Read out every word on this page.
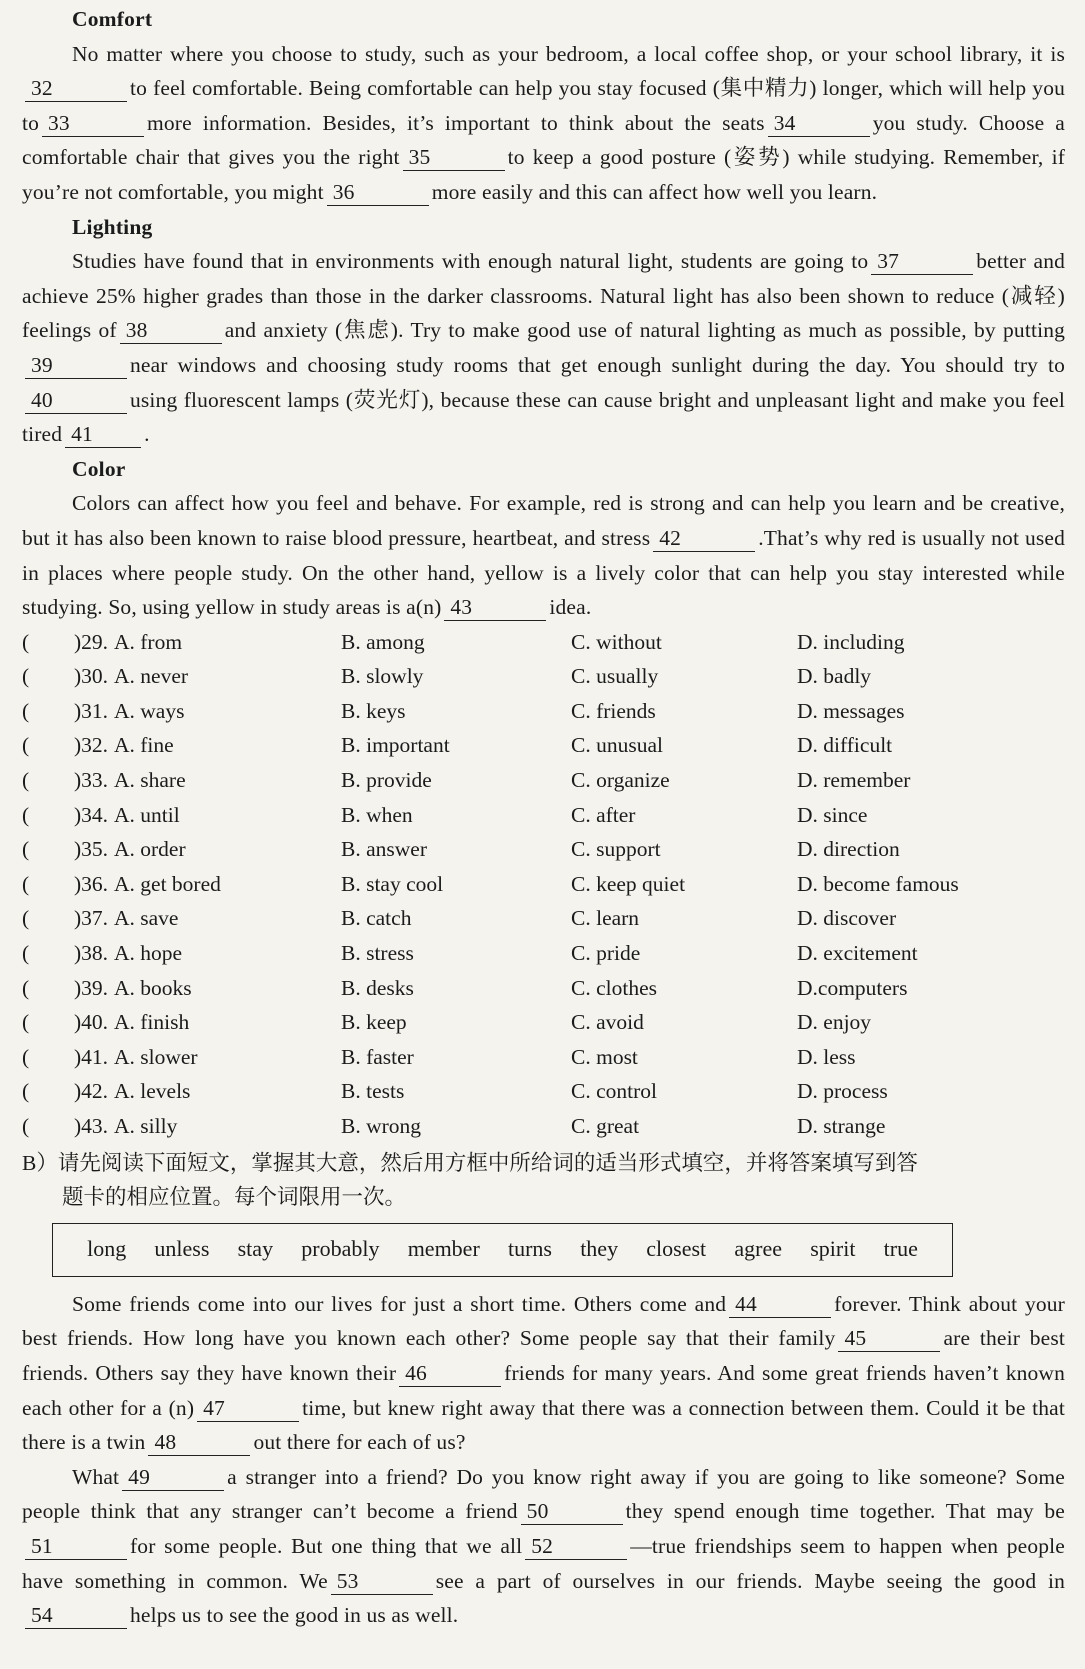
Comfort

No matter where you choose to study, such as your bedroom, a local coffee shop, or your school library, it is32	to feel comfortable. Being comfortable can help you stay focused (集中精力) longer, which will help you to 33	more information. Besides, it’s important to think about the seats 34	you study. Choose a comfortable chair that gives you the right 35	to keep a good posture (姿势) while studying. Remember, if you’re not comfortable, you might 36	more easily and this can affect how well you learn.

Lighting

Studies have found that in environments with enough natural light, students are going to 37	better and achieve 25% higher grades than those in the darker classrooms. Natural light has also been shown to reduce (减轻) feelings of 38	and anxiety (焦虑). Try to make good use of natural lighting as much as possible, by putting39	near windows and choosing study rooms that get enough sunlight during the day. You should try to40	using fluorescent lamps (荧光灯), because these can cause bright and unpleasant light and make you feel tired 41 .

Color

Colors can affect how you feel and behave. For example, red is strong and can help you learn and be creative, but it has also been known to raise blood pressure, heartbeat, and stress 42	.That’s why red is usually not used in places where people study. On the other hand, yellow is a lively color that can help you stay interested while studying. So, using yellow in study areas is a(n) 43	idea.

(	)29. A. from	B. among	C. without	D. including
(	)30. A. never	B. slowly	C. usually	D. badly
(	)31. A. ways	B. keys	C. friends	D. messages
(	)32. A. fine	B. important	C. unusual	D. difficult
(	)33. A. share	B. provide	C. organize	D. remember
(	)34. A. until	B. when	C. after	D. since
(	)35. A. order	B. answer	C. support	D. direction
(	)36. A. get bored	B. stay cool	C. keep quiet	D. become famous
(	)37. A. save	B. catch	C. learn	D. discover
(	)38. A. hope	B. stress	C. pride	D. excitement
(	)39. A. books	B. desks	C. clothes	D.computers
(	)40. A. finish	B. keep	C. avoid	D. enjoy
(	)41. A. slower	B. faster	C. most	D. less
(	)42. A. levels	B. tests	C. control	D. process
(	)43. A. silly	B. wrong	C. great	D. strange
B）请先阅读下面短文，掌握其大意，然后用方框中所给词的适当形式填空，并将答案填写到答
题卡的相应位置。每个词限用一次。
long unless stay probably member turns they closest agree spirit true

Some friends come into our lives for just a short time. Others come and 44	forever. Think about your best friends. How long have you known each other? Some people say that their family 45	are their best friends. Others say they have known their 46	friends for many years. And some great friends haven’t known each other for a (n) 47	time, but knew right away that there was a connection between them. Could it be that there is a twin 48	out there for each of us?

What 49	a stranger into a friend? Do you know right away if you are going to like someone? Some people think that any stranger can’t become a friend 50	they spend enough time together. That may be51	for some people. But one thing that we all 52	—true friendships seem to happen when people have something in common. We 53	see a part of ourselves in our friends. Maybe seeing the good in54	helps us to see the good in us as well.
